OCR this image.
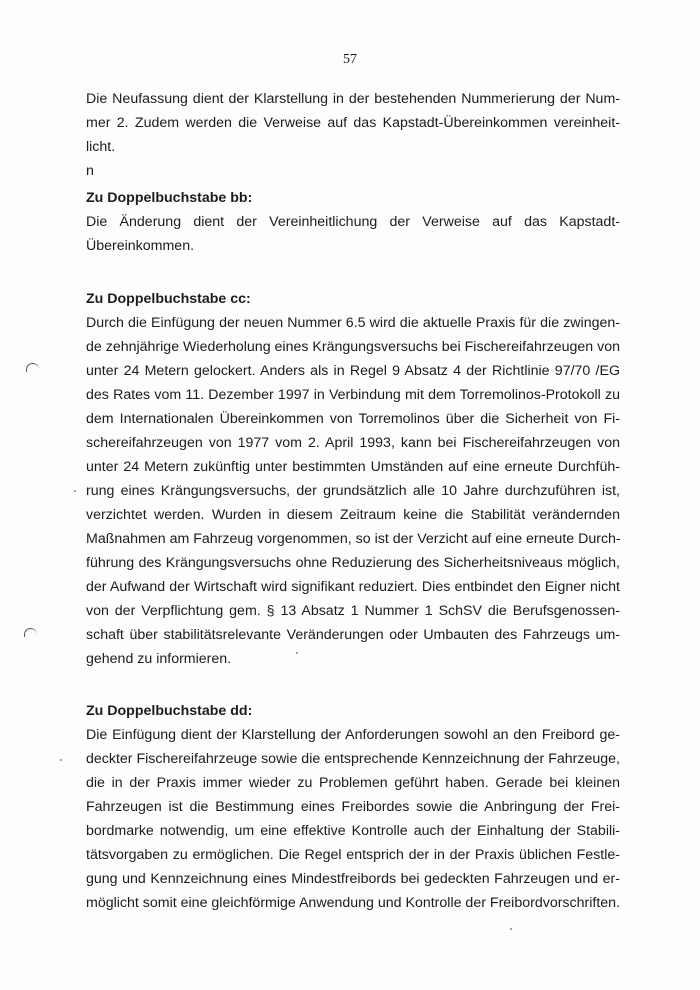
57
Die Neufassung dient der Klarstellung in der bestehenden Nummerierung der Num-
mer 2. Zudem werden die Verweise auf das Kapstadt-Übereinkommen vereinheit-
licht.
n
Zu Doppelbuchstabe bb:
Die Änderung dient der Vereinheitlichung der Verweise auf das Kapstadt-
Übereinkommen.
Zu Doppelbuchstabe cc:
Durch die Einfügung der neuen Nummer 6.5 wird die aktuelle Praxis für die zwingen-
de zehnjährige Wiederholung eines Krängungsversuchs bei Fischereifahrzeugen von
unter 24 Metern gelockert. Anders als in Regel 9 Absatz 4 der Richtlinie 97/70 /EG
des Rates vom 11. Dezember 1997 in Verbindung mit dem Torremolinos-Protokoll zu
dem Internationalen Übereinkommen von Torremolinos über die Sicherheit von Fi-
schereifahrzeugen von 1977 vom 2. April 1993, kann bei Fischereifahrzeugen von
unter 24 Metern zukünftig unter bestimmten Umständen auf eine erneute Durchfüh-
rung eines Krängungsversuchs, der grundsätzlich alle 10 Jahre durchzuführen ist,
verzichtet werden. Wurden in diesem Zeitraum keine die Stabilität verändernden
Maßnahmen am Fahrzeug vorgenommen, so ist der Verzicht auf eine erneute Durch-
führung des Krängungsversuchs ohne Reduzierung des Sicherheitsniveaus möglich,
der Aufwand der Wirtschaft wird signifikant reduziert. Dies entbindet den Eigner nicht
von der Verpflichtung gem. § 13 Absatz 1 Nummer 1 SchSV die Berufsgenossen-
schaft über stabilitätsrelevante Veränderungen oder Umbauten des Fahrzeugs um-
gehend zu informieren.
Zu Doppelbuchstabe dd:
Die Einfügung dient der Klarstellung der Anforderungen sowohl an den Freibord ge-
deckter Fischereifahrzeuge sowie die entsprechende Kennzeichnung der Fahrzeuge,
die in der Praxis immer wieder zu Problemen geführt haben. Gerade bei kleinen
Fahrzeugen ist die Bestimmung eines Freibordes sowie die Anbringung der Frei-
bordmarke notwendig, um eine effektive Kontrolle auch der Einhaltung der Stabili-
tätsvorgaben zu ermöglichen. Die Regel entsprich der in der Praxis üblichen Festle-
gung und Kennzeichnung eines Mindestfreibords bei gedeckten Fahrzeugen und er-
möglicht somit eine gleichförmige Anwendung und Kontrolle der Freibordvorschriften.
